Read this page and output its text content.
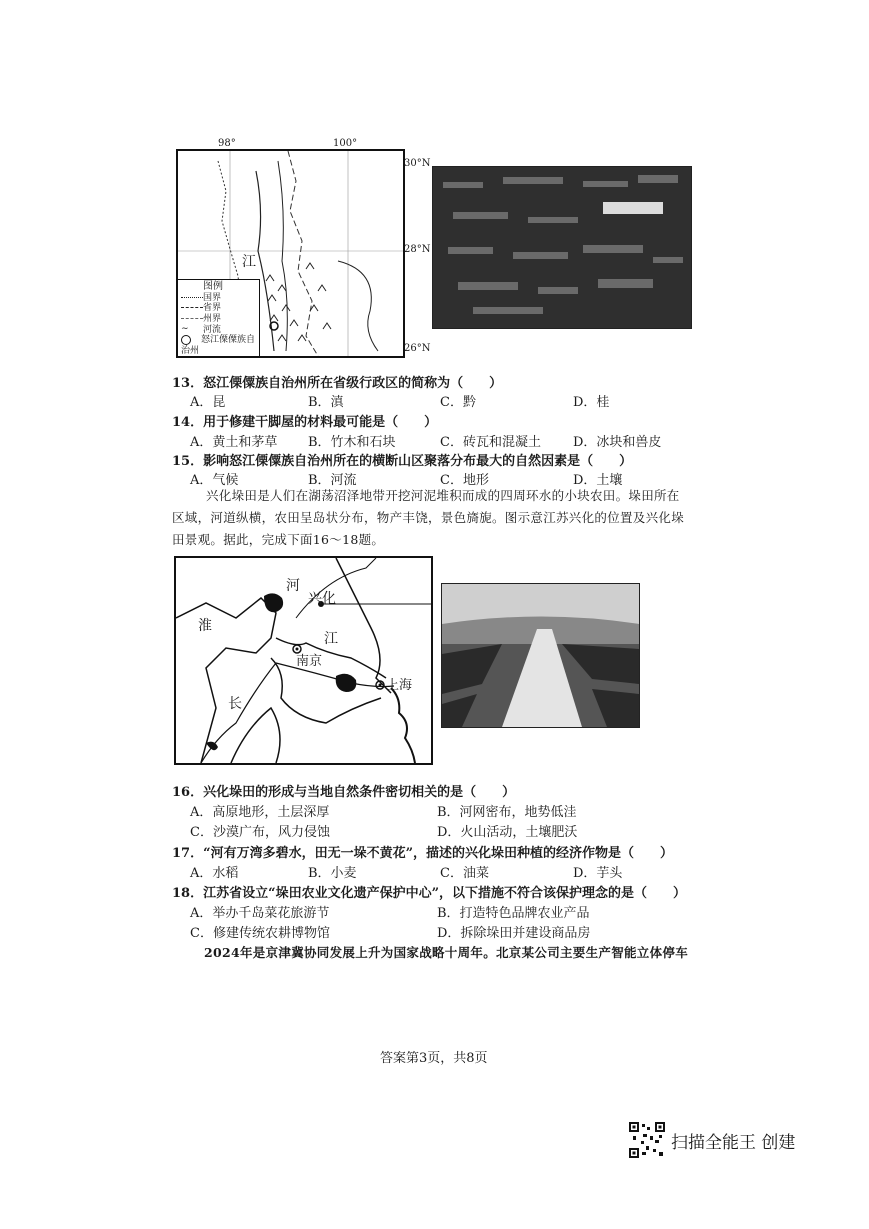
图例
国界
省界
州界
∼ 河流
怒江傈僳族自治州
江
98°	100°
30°N
28°N
26°N
13．怒江傈僳族自治州所在省级行政区的简称为（　　）
A．昆	B．滇	C．黔	D．桂
14．用于修建干脚屋的材料最可能是（　　）
A．黄土和茅草 B．竹木和石块	C．砖瓦和混凝土 D．冰块和兽皮
15．影响怒江傈僳族自治州所在的横断山区聚落分布最大的自然因素是（　　）
A．气候	B．河流	C．地形	D．土壤
兴化垛田是人们在湖荡沼泽地带开挖河泥堆积而成的四周环水的小块农田。垛田所在
区域，河道纵横，农田呈岛状分布，物产丰饶，景色旖旎。图示意江苏兴化的位置及兴化垛
田景观。据此，完成下面16～18题。
河
兴化
淮
江
南京
长
上海
16．兴化垛田的形成与当地自然条件密切相关的是（　　）
A．高原地形，土层深厚	B．河网密布，地势低洼
C．沙漠广布，风力侵蚀	D．火山活动，土壤肥沃
17．“河有万湾多碧水，田无一垛不黄花”，描述的兴化垛田种植的经济作物是（　　）
A．水稻	B．小麦	C．油菜	D．芋头
18．江苏省设立“垛田农业文化遗产保护中心”，以下措施不符合该保护理念的是（　　）
A．举办千岛菜花旅游节	B．打造特色品牌农业产品
C．修建传统农耕博物馆	D．拆除垛田并建设商品房
2024年是京津冀协同发展上升为国家战略十周年。北京某公司主要生产智能立体停车
答案第3页，共8页
扫描全能王 创建
